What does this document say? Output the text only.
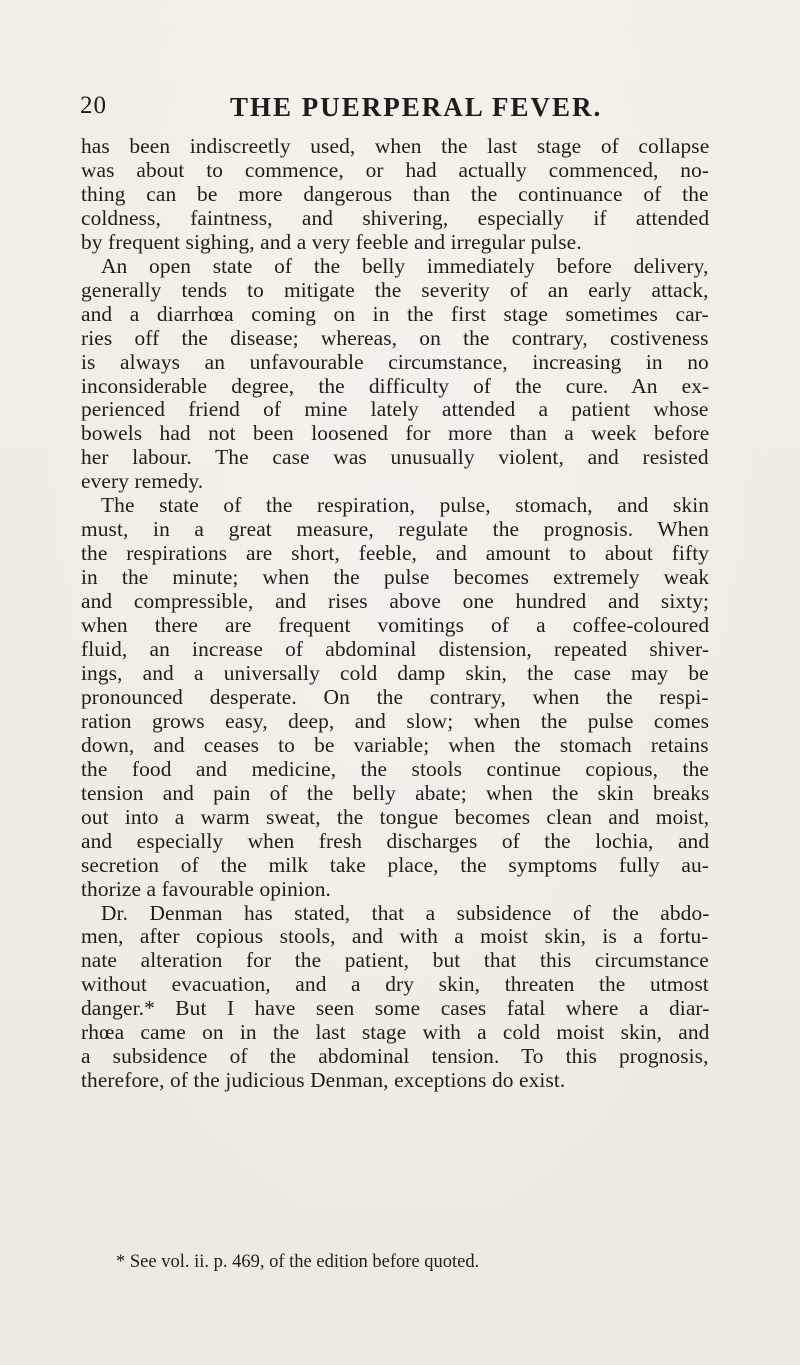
20	THE PUERPERAL FEVER.
has been indiscreetly used, when the last stage of collapse
was about to commence, or had actually commenced, no-
thing can be more dangerous than the continuance of the
coldness, faintness, and shivering, especially if attended
by frequent sighing, and a very feeble and irregular pulse.
An open state of the belly immediately before delivery,
generally tends to mitigate the severity of an early attack,
and a diarrhœa coming on in the first stage sometimes car-
ries off the disease; whereas, on the contrary, costiveness
is always an unfavourable circumstance, increasing in no
inconsiderable degree, the difficulty of the cure. An ex-
perienced friend of mine lately attended a patient whose
bowels had not been loosened for more than a week before
her labour. The case was unusually violent, and resisted
every remedy.
The state of the respiration, pulse, stomach, and skin
must, in a great measure, regulate the prognosis. When
the respirations are short, feeble, and amount to about fifty
in the minute; when the pulse becomes extremely weak
and compressible, and rises above one hundred and sixty;
when there are frequent vomitings of a coffee-coloured
fluid, an increase of abdominal distension, repeated shiver-
ings, and a universally cold damp skin, the case may be
pronounced desperate. On the contrary, when the respi-
ration grows easy, deep, and slow; when the pulse comes
down, and ceases to be variable; when the stomach retains
the food and medicine, the stools continue copious, the
tension and pain of the belly abate; when the skin breaks
out into a warm sweat, the tongue becomes clean and moist,
and especially when fresh discharges of the lochia, and
secretion of the milk take place, the symptoms fully au-
thorize a favourable opinion.
Dr. Denman has stated, that a subsidence of the abdo-
men, after copious stools, and with a moist skin, is a fortu-
nate alteration for the patient, but that this circumstance
without evacuation, and a dry skin, threaten the utmost
danger.* But I have seen some cases fatal where a diar-
rhœa came on in the last stage with a cold moist skin, and
a subsidence of the abdominal tension. To this prognosis,
therefore, of the judicious Denman, exceptions do exist.
* See vol. ii. p. 469, of the edition before quoted.
